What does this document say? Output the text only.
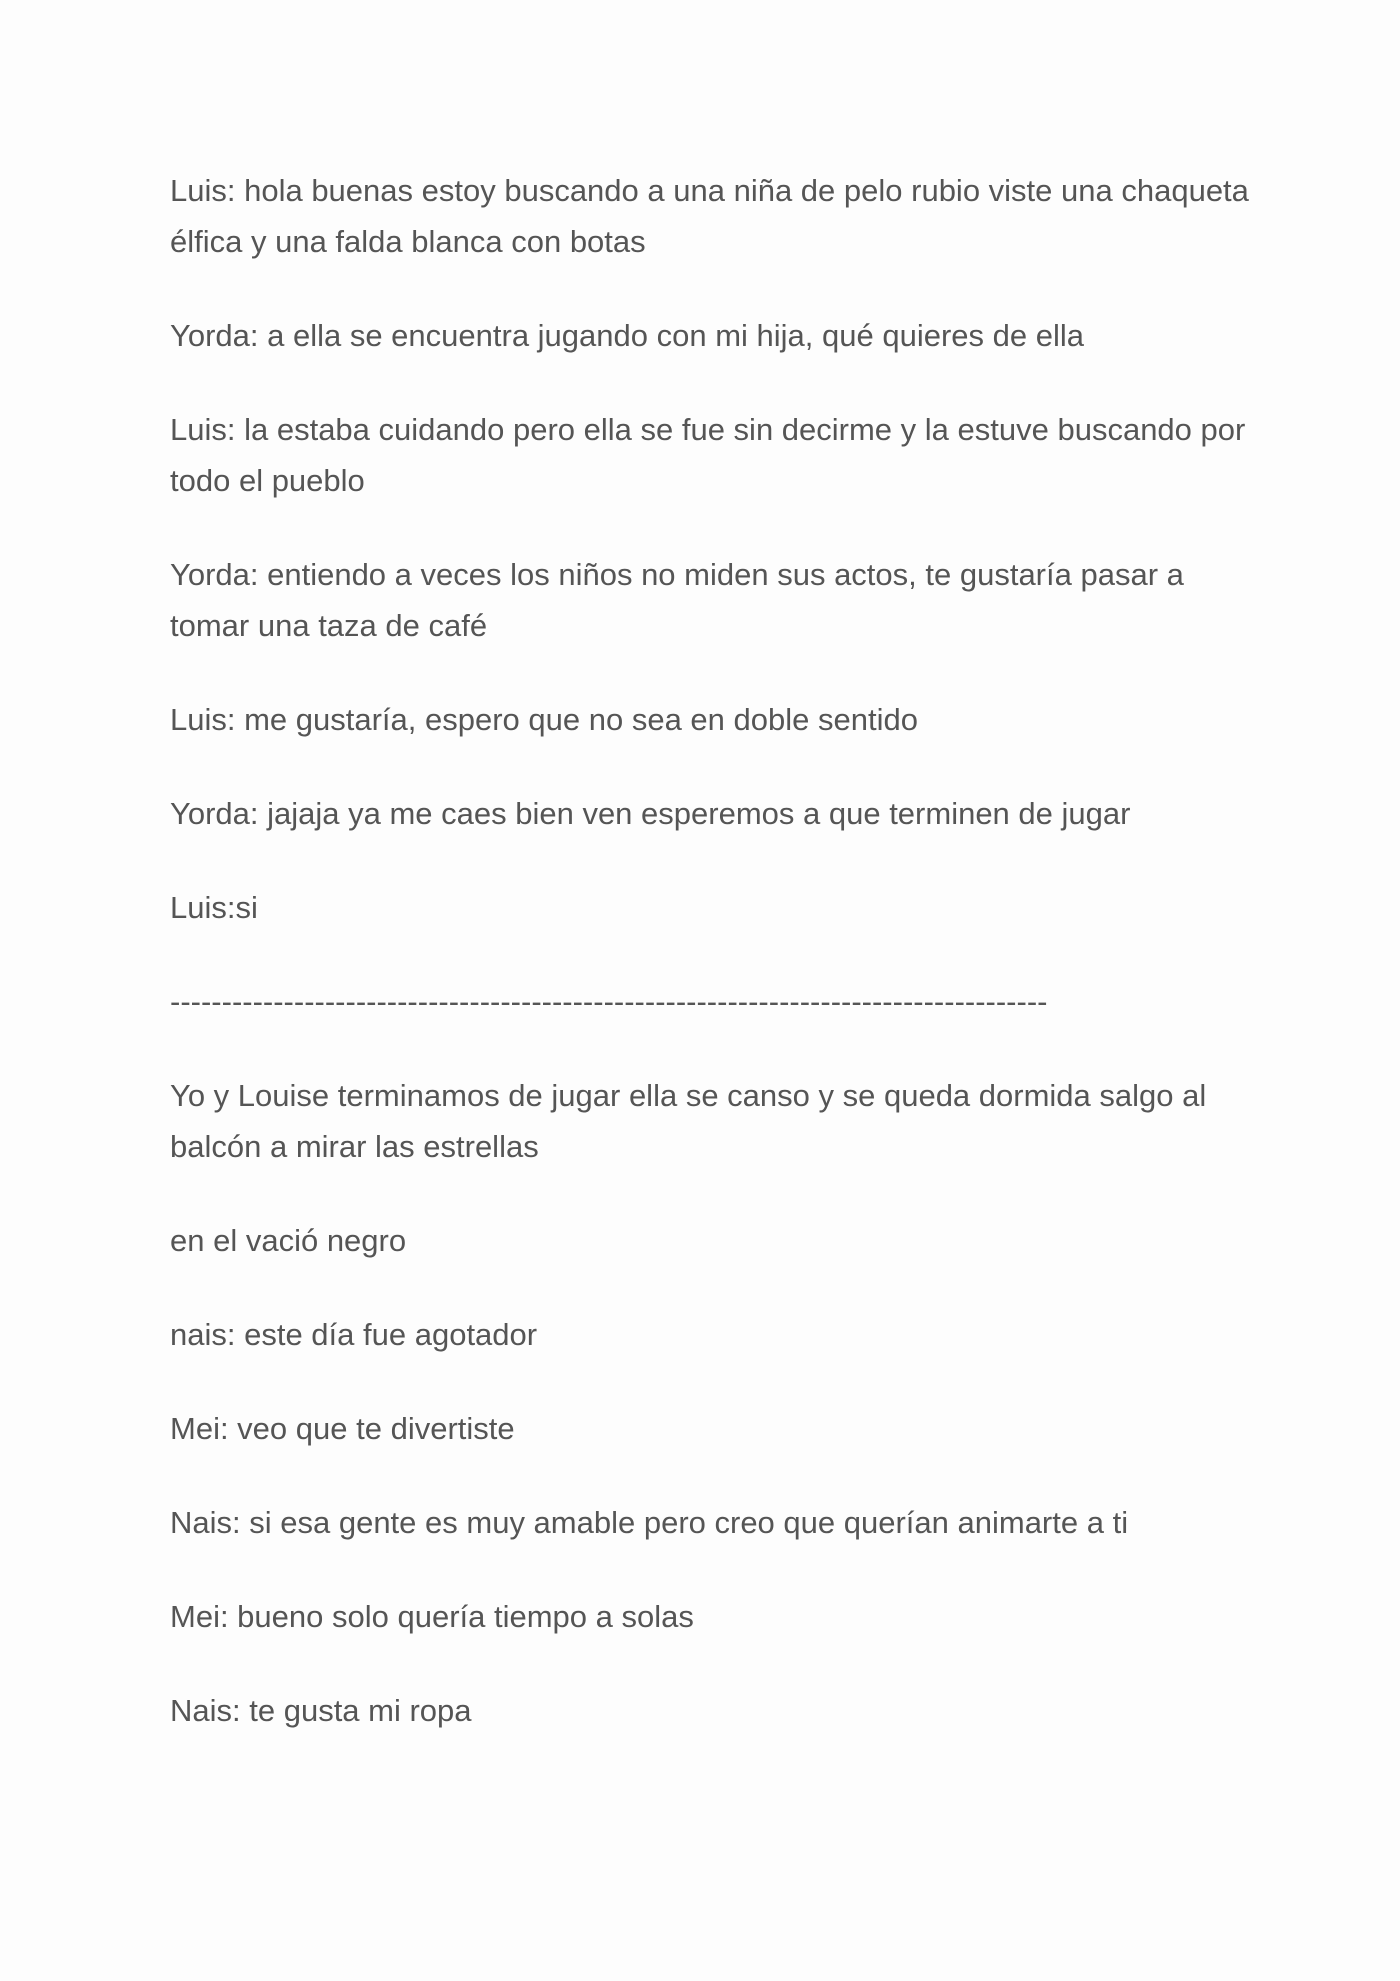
Luis: hola buenas estoy buscando a una niña de pelo rubio viste una chaqueta élfica y una falda blanca con botas

Yorda: a ella se encuentra jugando con mi hija, qué quieres de ella

Luis: la estaba cuidando pero ella se fue sin decirme y la estuve buscando por todo el pueblo

Yorda: entiendo a veces los niños no miden sus actos, te gustaría pasar a tomar una taza de café

Luis: me gustaría, espero que no sea en doble sentido

Yorda: jajaja ya me caes bien ven esperemos a que terminen de jugar

Luis:si

-------------------------------------------------------------------------------------

Yo y Louise terminamos de jugar ella se canso y se queda dormida salgo al balcón a mirar las estrellas

en el vació negro

nais: este día fue agotador

Mei: veo que te divertiste

Nais: si esa gente es muy amable pero creo que querían animarte a ti

Mei: bueno solo quería tiempo a solas

Nais: te gusta mi ropa
